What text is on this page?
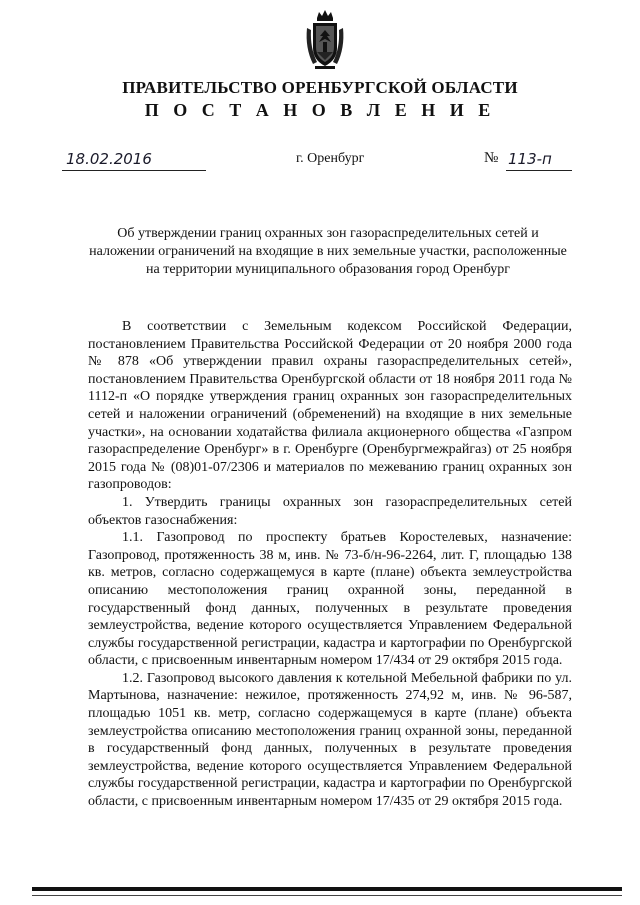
ПРАВИТЕЛЬСТВО ОРЕНБУРГСКОЙ ОБЛАСТИ
П О С Т А Н О В Л Е Н И Е
18.02.2016	г. Оренбург	№ 113-п
Об утверждении границ охранных зон газораспределительных сетей и наложении ограничений на входящие в них земельные участки, расположенные на территории муниципального образования город Оренбург

В соответствии с Земельным кодексом Российской Федерации, постановлением Правительства Российской Федерации от 20 ноября 2000 года № 878 «Об утверждении правил охраны газораспределительных сетей», постановлением Правительства Оренбургской области от 18 ноября 2011 года № 1112-п «О порядке утверждения границ охранных зон газораспределительных сетей и наложении ограничений (обременений) на входящие в них земельные участки», на основании ходатайства филиала акционерного общества «Газпром газораспределение Оренбург» в г. Оренбурге (Оренбургмежрайгаз) от 25 ноября 2015 года № (08)01-07/2306 и материалов по межеванию границ охранных зон газопроводов:

1. Утвердить границы охранных зон газораспределительных сетей объектов газоснабжения:

1.1. Газопровод по проспекту братьев Коростелевых, назначение: Газопровод, протяженность 38 м, инв. № 73-б/н-96-2264, лит. Г, площадью 138 кв. метров, согласно содержащемуся в карте (плане) объекта землеустройства описанию местоположения границ охранной зоны, переданной в государственный фонд данных, полученных в результате проведения землеустройства, ведение которого осуществляется Управлением Федеральной службы государственной регистрации, кадастра и картографии по Оренбургской области, с присвоенным инвентарным номером 17/434 от 29 октября 2015 года.

1.2. Газопровод высокого давления к котельной Мебельной фабрики по ул. Мартынова, назначение: нежилое, протяженность 274,92 м, инв. № 96-587, площадью 1051 кв. метр, согласно содержащемуся в карте (плане) объекта землеустройства описанию местоположения границ охранной зоны, переданной в государственный фонд данных, полученных в результате проведения землеустройства, ведение которого осуществляется Управлением Федеральной службы государственной регистрации, кадастра и картографии по Оренбургской области, с присвоенным инвентарным номером 17/435 от 29 октября 2015 года.
